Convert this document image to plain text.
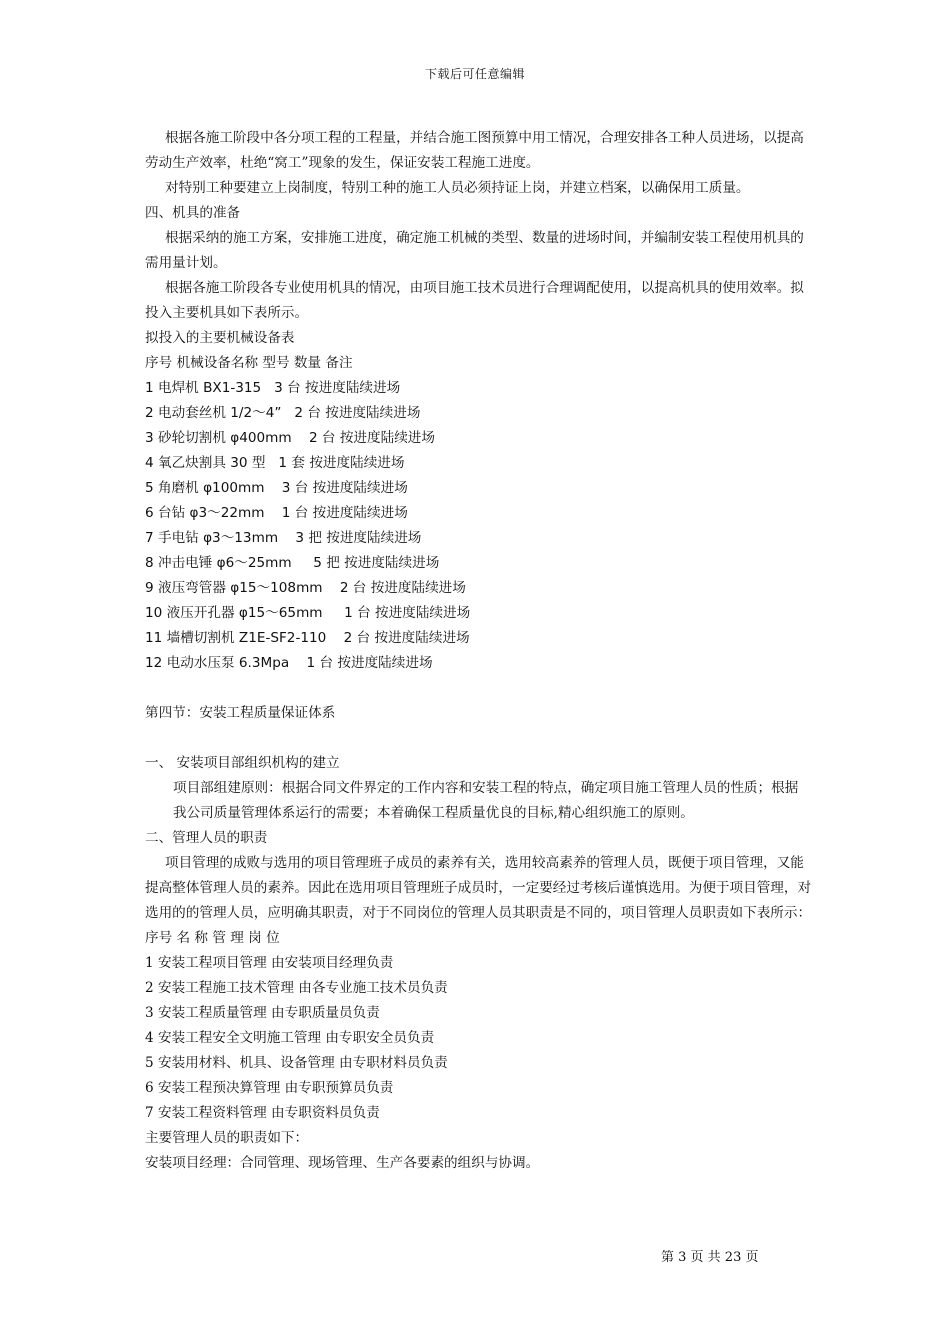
下载后可任意编辑
根据各施工阶段中各分项工程的工程量，并结合施工图预算中用工情况，合理安排各工种人员进场，以提高劳动生产效率，杜绝“窝工”现象的发生，保证安装工程施工进度。
对特别工种要建立上岗制度，特别工种的施工人员必须持证上岗，并建立档案，以确保用工质量。
四、机具的准备
根据采纳的施工方案，安排施工进度，确定施工机械的类型、数量的进场时间，并编制安装工程使用机具的需用量计划。
根据各施工阶段各专业使用机具的情况，由项目施工技术员进行合理调配使用，以提高机具的使用效率。拟投入主要机具如下表所示。
拟投入的主要机械设备表
序号 机械设备名称 型号 数量 备注
1 电焊机 BX1-315   3 台 按进度陆续进场
2 电动套丝机 1/2～4”   2 台 按进度陆续进场
3 砂轮切割机 φ400mm    2 台 按进度陆续进场
4 氧乙炔割具 30 型   1 套 按进度陆续进场
5 角磨机 φ100mm    3 台 按进度陆续进场
6 台钻 φ3～22mm    1 台 按进度陆续进场
7 手电钻 φ3～13mm    3 把 按进度陆续进场
8 冲击电锤 φ6～25mm     5 把 按进度陆续进场
9 液压弯管器 φ15～108mm    2 台 按进度陆续进场
10 液压开孔器 φ15～65mm     1 台 按进度陆续进场
11 墙槽切割机 Z1E-SF2-110    2 台 按进度陆续进场
12 电动水压泵 6.3Mpa    1 台 按进度陆续进场
第四节：安装工程质量保证体系
一、 安装项目部组织机构的建立
项目部组建原则：根据合同文件界定的工作内容和安装工程的特点，确定项目施工管理人员的性质；根据
我公司质量管理体系运行的需要；本着确保工程质量优良的目标,精心组织施工的原则。
二、管理人员的职责
项目管理的成败与选用的项目管理班子成员的素养有关，选用较高素养的管理人员，既便于项目管理，又能提高整体管理人员的素养。因此在选用项目管理班子成员时，一定要经过考核后谨慎选用。为便于项目管理，对选用的的管理人员，应明确其职责，对于不同岗位的管理人员其职责是不同的，项目管理人员职责如下表所示：
序号 名 称 管 理 岗 位
1 安装工程项目管理 由安装项目经理负责
2 安装工程施工技术管理 由各专业施工技术员负责
3 安装工程质量管理 由专职质量员负责
4 安装工程安全文明施工管理 由专职安全员负责
5 安装用材料、机具、设备管理 由专职材料员负责
6 安装工程预决算管理 由专职预算员负责
7 安装工程资料管理 由专职资料员负责
主要管理人员的职责如下：
安装项目经理：合同管理、现场管理、生产各要素的组织与协调。
第 3 页 共 23 页
